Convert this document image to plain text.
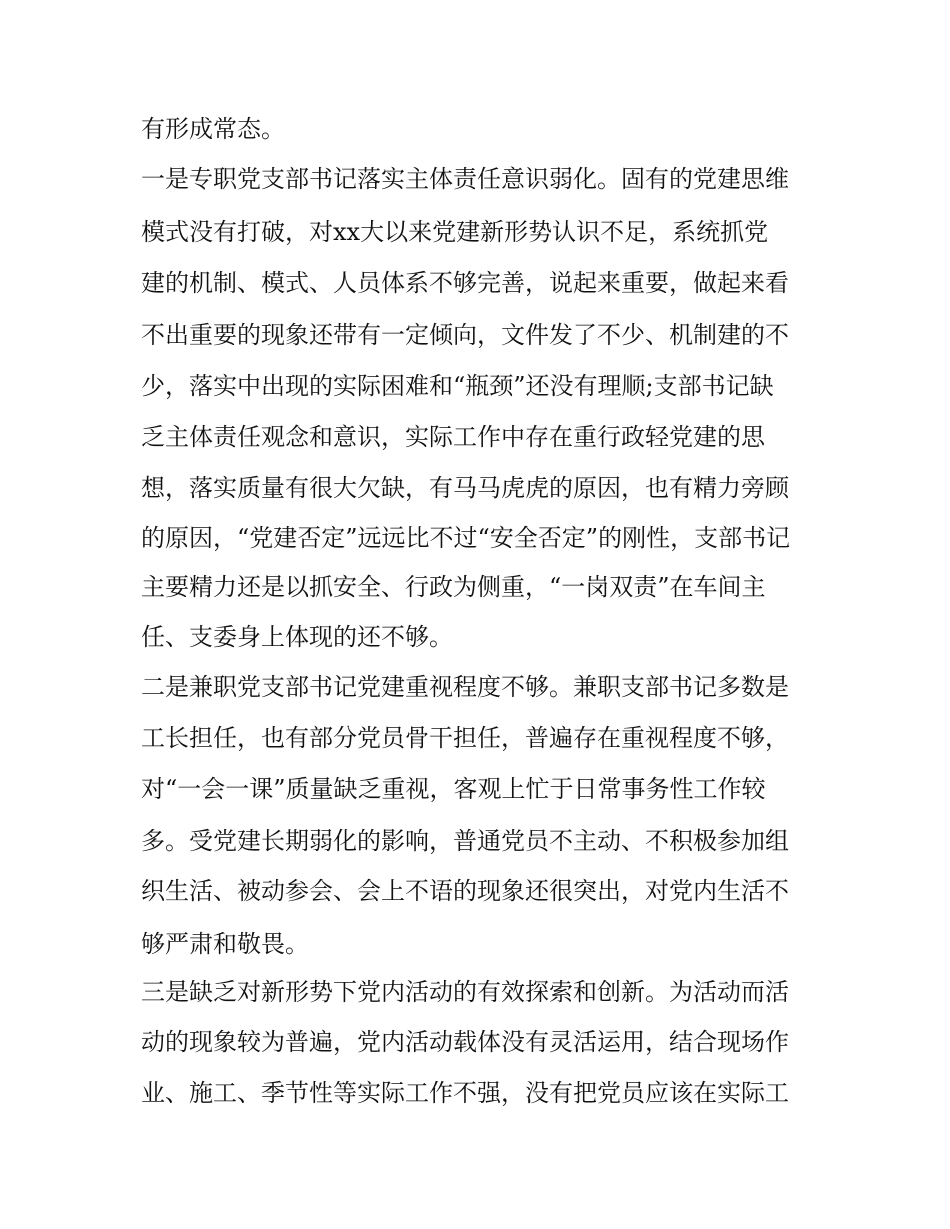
有形成常态。
一是专职党支部书记落实主体责任意识弱化。固有的党建思维
模式没有打破，对xx大以来党建新形势认识不足，系统抓党
建的机制、模式、人员体系不够完善，说起来重要，做起来看
不出重要的现象还带有一定倾向，文件发了不少、机制建的不
少，落实中出现的实际困难和“瓶颈”还没有理顺;支部书记缺
乏主体责任观念和意识，实际工作中存在重行政轻党建的思
想，落实质量有很大欠缺，有马马虎虎的原因，也有精力旁顾
的原因，“党建否定”远远比不过“安全否定”的刚性，支部书记
主要精力还是以抓安全、行政为侧重，“一岗双责”在车间主
任、支委身上体现的还不够。
二是兼职党支部书记党建重视程度不够。兼职支部书记多数是
工长担任，也有部分党员骨干担任，普遍存在重视程度不够，
对“一会一课”质量缺乏重视，客观上忙于日常事务性工作较
多。受党建长期弱化的影响，普通党员不主动、不积极参加组
织生活、被动参会、会上不语的现象还很突出，对党内生活不
够严肃和敬畏。
三是缺乏对新形势下党内活动的有效探索和创新。为活动而活
动的现象较为普遍，党内活动载体没有灵活运用，结合现场作
业、施工、季节性等实际工作不强，没有把党员应该在实际工
